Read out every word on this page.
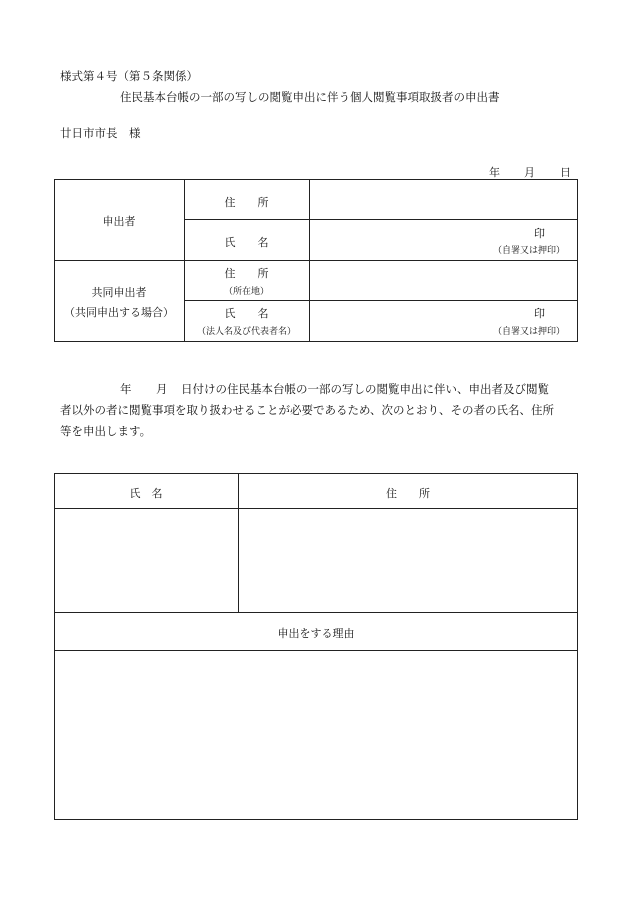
様式第４号（第５条関係）
住民基本台帳の一部の写しの閲覧申出に伴う個人閲覧事項取扱者の申出書
廿日市市長　様
年 月 日
申出者
住　　所
氏　　名
印
（自署又は押印）
共同申出者
（共同申出する場合）
住　　所
（所在地）
氏　　名
（法人名及び代表者名）
印
（自署又は押印）
年 月 日付けの住民基本台帳の一部の写しの閲覧申出に伴い、申出者及び閲覧
者以外の者に閲覧事項を取り扱わせることが必要であるため、次のとおり、その者の氏名、住所
等を申出します。
氏　名	住　　所
申出をする理由
